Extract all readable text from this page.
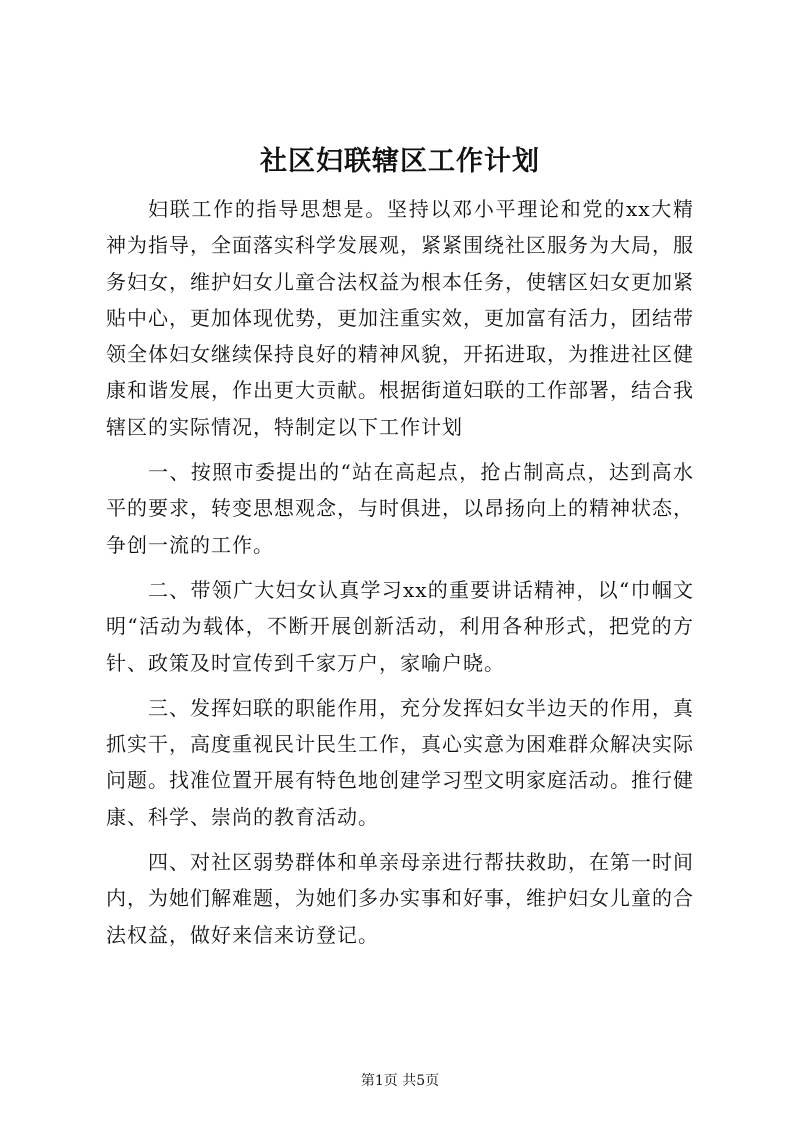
社区妇联辖区工作计划

妇联工作的指导思想是。坚持以邓小平理论和党的xx大精神为指导，全面落实科学发展观，紧紧围绕社区服务为大局，服务妇女，维护妇女儿童合法权益为根本任务，使辖区妇女更加紧贴中心，更加体现优势，更加注重实效，更加富有活力，团结带领全体妇女继续保持良好的精神风貌，开拓进取，为推进社区健康和谐发展，作出更大贡献。根据街道妇联的工作部署，结合我辖区的实际情况，特制定以下工作计划

一、按照市委提出的“站在高起点，抢占制高点，达到高水平的要求，转变思想观念，与时俱进，以昂扬向上的精神状态，争创一流的工作。

二、带领广大妇女认真学习xx的重要讲话精神，以“巾帼文明“活动为载体，不断开展创新活动，利用各种形式，把党的方针、政策及时宣传到千家万户，家喻户晓。

三、发挥妇联的职能作用，充分发挥妇女半边天的作用，真抓实干，高度重视民计民生工作，真心实意为困难群众解决实际问题。找准位置开展有特色地创建学习型文明家庭活动。推行健康、科学、崇尚的教育活动。

四、对社区弱势群体和单亲母亲进行帮扶救助，在第一时间内，为她们解难题，为她们多办实事和好事，维护妇女儿童的合法权益，做好来信来访登记。

第1页 共5页
